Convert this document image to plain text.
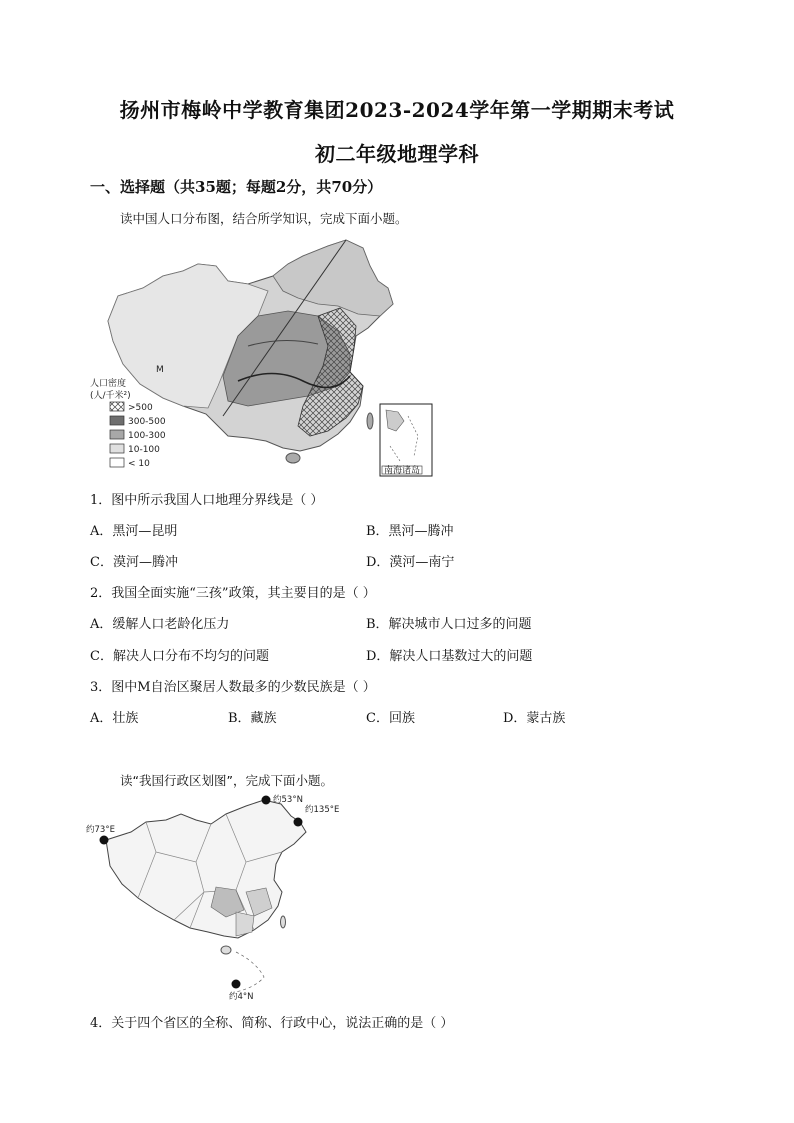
扬州市梅岭中学教育集团2023-2024学年第一学期期末考试
初二年级地理学科
一、选择题（共35题；每题2分，共70分）
读中国人口分布图，结合所学知识，完成下面小题。
M
人口密度
(人/千米²)
>500
300-500
100-300
10-100
< 10
南海诸岛
1．图中所示我国人口地理分界线是（ ）
A．黑河—昆明	B．黑河—腾冲
C．漠河—腾冲	D．漠河—南宁
2．我国全面实施“三孩”政策，其主要目的是（ ）
A．缓解人口老龄化压力	B．解决城市人口过多的问题
C．解决人口分布不均匀的问题	D．解决人口基数过大的问题
3．图中M自治区聚居人数最多的少数民族是（ ）
A．壮族	B．藏族	C．回族	D．蒙古族
读“我国行政区划图”，完成下面小题。
约53°N
约135°E
约73°E
约4°N
4．关于四个省区的全称、简称、行政中心，说法正确的是（ ）
